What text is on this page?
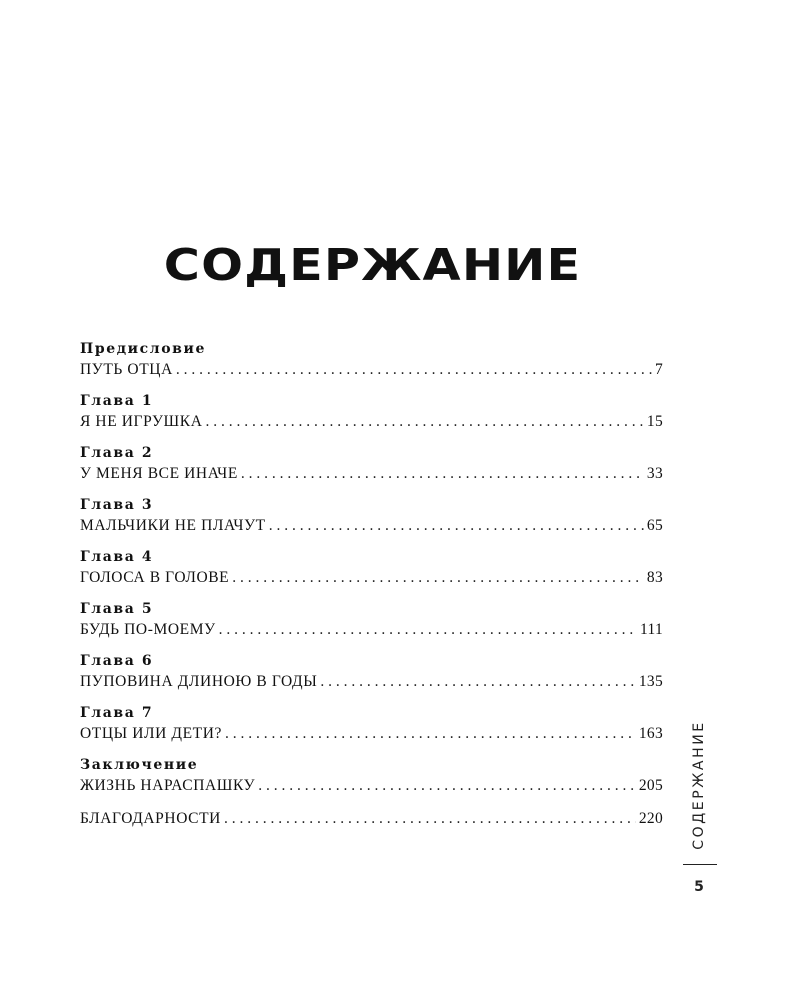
СОДЕРЖАНИЕ
Предисловие
ПУТЬ ОТЦА . . .	7
Глава 1
Я НЕ ИГРУШКА . . .	15
Глава 2
У МЕНЯ ВСЕ ИНАЧЕ . . .	33
Глава 3
МАЛЬЧИКИ НЕ ПЛАЧУТ . . .	65
Глава 4
ГОЛОСА В ГОЛОВЕ . . .	83
Глава 5
БУДЬ ПО-МОЕМУ . . .	111
Глава 6
ПУПОВИНА ДЛИНОЮ В ГОДЫ . . .	135
Глава 7
ОТЦЫ ИЛИ ДЕТИ? . . .	163
Заключение
ЖИЗНЬ НАРАСПАШКУ . . .	205
БЛАГОДАРНОСТИ . . .	220 СОДЕРЖАНИЕ
5
